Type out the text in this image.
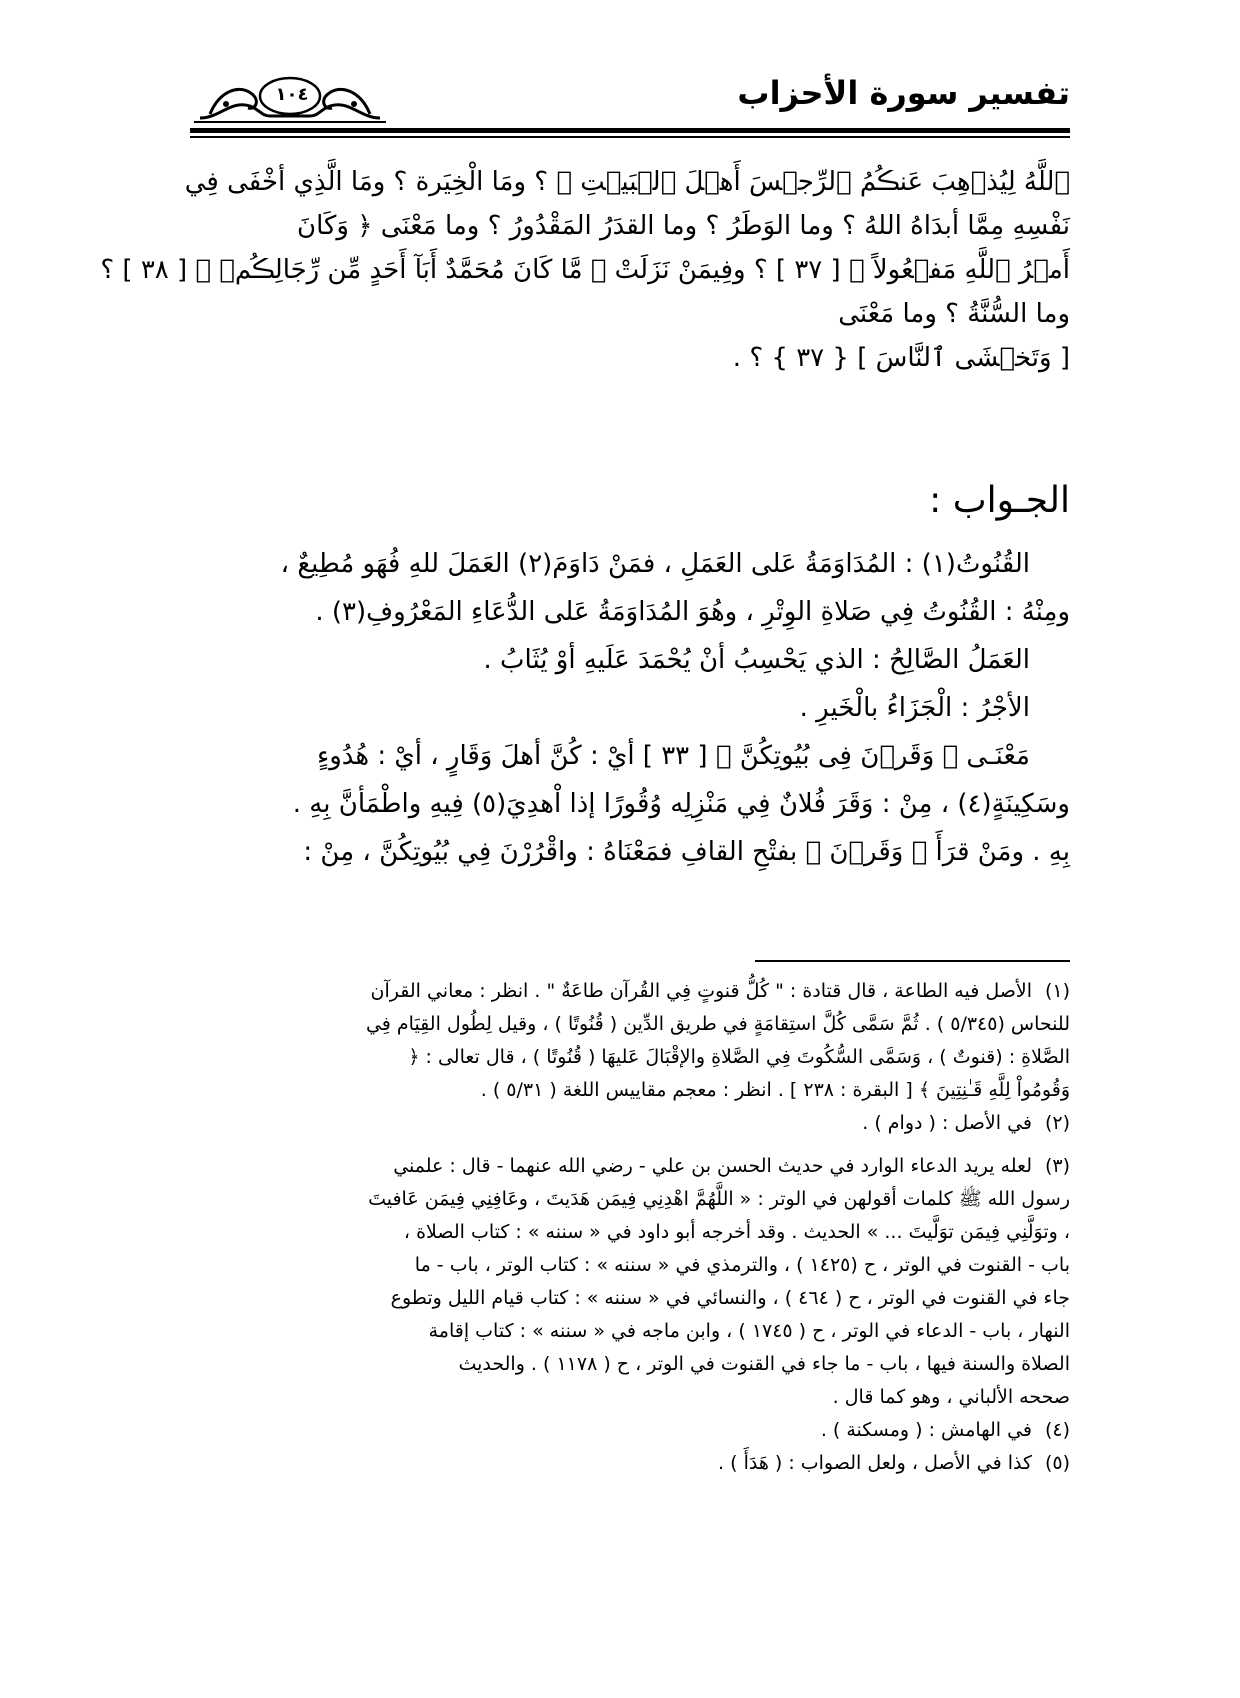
تفسير سورة الأحزاب
١٠٤
ٱللَّهُ لِيُذۡهِبَ عَنڪُمُ ٱلرِّجۡسَ أَهۡلَ ٱلۡبَيۡتِ ﴾ ؟ ومَا الْخِيَرة ؟ ومَا الَّذِي أخْفَى فِي
نَفْسِهِ مِمَّا أبدَاهُ اللهُ ؟ وما الوَطَرُ ؟ وما القدَرُ المَقْدُورُ ؟ وما مَعْنَى ﴿ وَكَانَ
أَمۡرُ ٱللَّهِ مَفۡعُولاً ﴾ [ ٣٧ ] ؟ وفِيمَنْ نَزَلَتْ ﴿ مَّا كَانَ مُحَمَّدٌ أَبَآ أَحَدٍ مِّن رِّجَالِڪُمۡ ﴾ [ ٣٨ ] ؟
وما السُّنَّةُ ؟ وما مَعْنَى
[ وَتَخۡشَى ٱلنَّاسَ ] { ٣٧ } ؟ .
الجـواب :
القُنُوتُ(١) : المُدَاوَمَةُ عَلى العَمَلِ ، فمَنْ دَاوَمَ(٢) العَمَلَ للهِ فُهَو مُطِيعٌ ،
ومِنْهُ : القُنُوتُ فِي صَلاةِ الوِتْرِ ، وهُوَ المُدَاوَمَةُ عَلى الدُّعَاءِ المَعْرُوفِ(٣) .
العَمَلُ الصَّالِحُ : الذي يَحْسِبُ أنْ يُحْمَدَ عَلَيهِ أوْ يُثَابُ .
الأجْرُ : الْجَزَاءُ بالْخَيرِ .
مَعْنَـى ﴿ وَقَرۡنَ فِى بُيُوتِكُنَّ ﴾ [ ٣٣ ] أيْ : كُنَّ أهلَ وَقَارٍ ، أيْ : هُدُوءٍ
وسَكِينَةٍ(٤) ، مِنْ : وَقَرَ فُلانٌ فِي مَنْزِلِه وُقُورًا إذا اْهدِيَ(٥) فِيهِ واطْمَأنَّ بِهِ .
بِهِ . ومَنْ قرَأَ ﴿ وَقَرۡنَ ﴾ بفتْحِ القافِ فمَعْنَاهُ : واقْرُرْنَ فِي بُيُوتِكُنَّ ، مِنْ :
(١)الأصل فيه الطاعة ، قال قتادة : " كُلُّ قنوتٍ فِي القُرآن طاعَةٌ " . انظر : معاني القرآن
للنحاس (٥/٣٤٥ ) . ثُمَّ سَمَّى كُلَّ استِقامَةٍ في طريق الدِّين ( قُنُوتًا ) ، وقيل لِطُول القِيَام فِي
الصَّلاةِ : (قنوتٌ ) ، وَسَمَّى السُّكُوتَ فِي الصَّلاةِ والإقْبَالَ عَليهَا ( قُنُوتًا ) ، قال تعالى : ﴿
وَقُومُواْ لِلَّهِ قَـٰنِتِينَ ﴾ [ البقرة : ٢٣٨ ] . انظر : معجم مقاييس اللغة ( ٥/٣١ ) .
(٢)في الأصل : ( دوام ) .
(٣)لعله يريد الدعاء الوارد في حديث الحسن بن علي - رضي الله عنهما - قال : علمني
رسول الله ﷺ كلمات أقولهن في الوتر : « اللَّهُمَّ اهْدِنِي فِيمَن هَدَيتَ ، وعَافِنِي فِيمَن عَافيتَ
، وتوَلَّنِي فِيمَن توَلَّيتَ ... » الحديث . وقد أخرجه أبو داود في « سننه » : كتاب الصلاة ،
باب - القنوت في الوتر ، ح (١٤٢٥ ) ، والترمذي في « سننه » : كتاب الوتر ، باب - ما
جاء في القنوت في الوتر ، ح ( ٤٦٤ ) ، والنسائي في « سننه » : كتاب قيام الليل وتطوع
النهار ، باب - الدعاء في الوتر ، ح ( ١٧٤٥ ) ، وابن ماجه في « سننه » : كتاب إقامة
الصلاة والسنة فيها ، باب - ما جاء في القنوت في الوتر ، ح ( ١١٧٨ ) . والحديث
صححه الألباني ، وهو كما قال .
(٤)في الهامش : ( ومسكنة ) .
(٥)كذا في الأصل ، ولعل الصواب : ( هَدَأَ ) .
